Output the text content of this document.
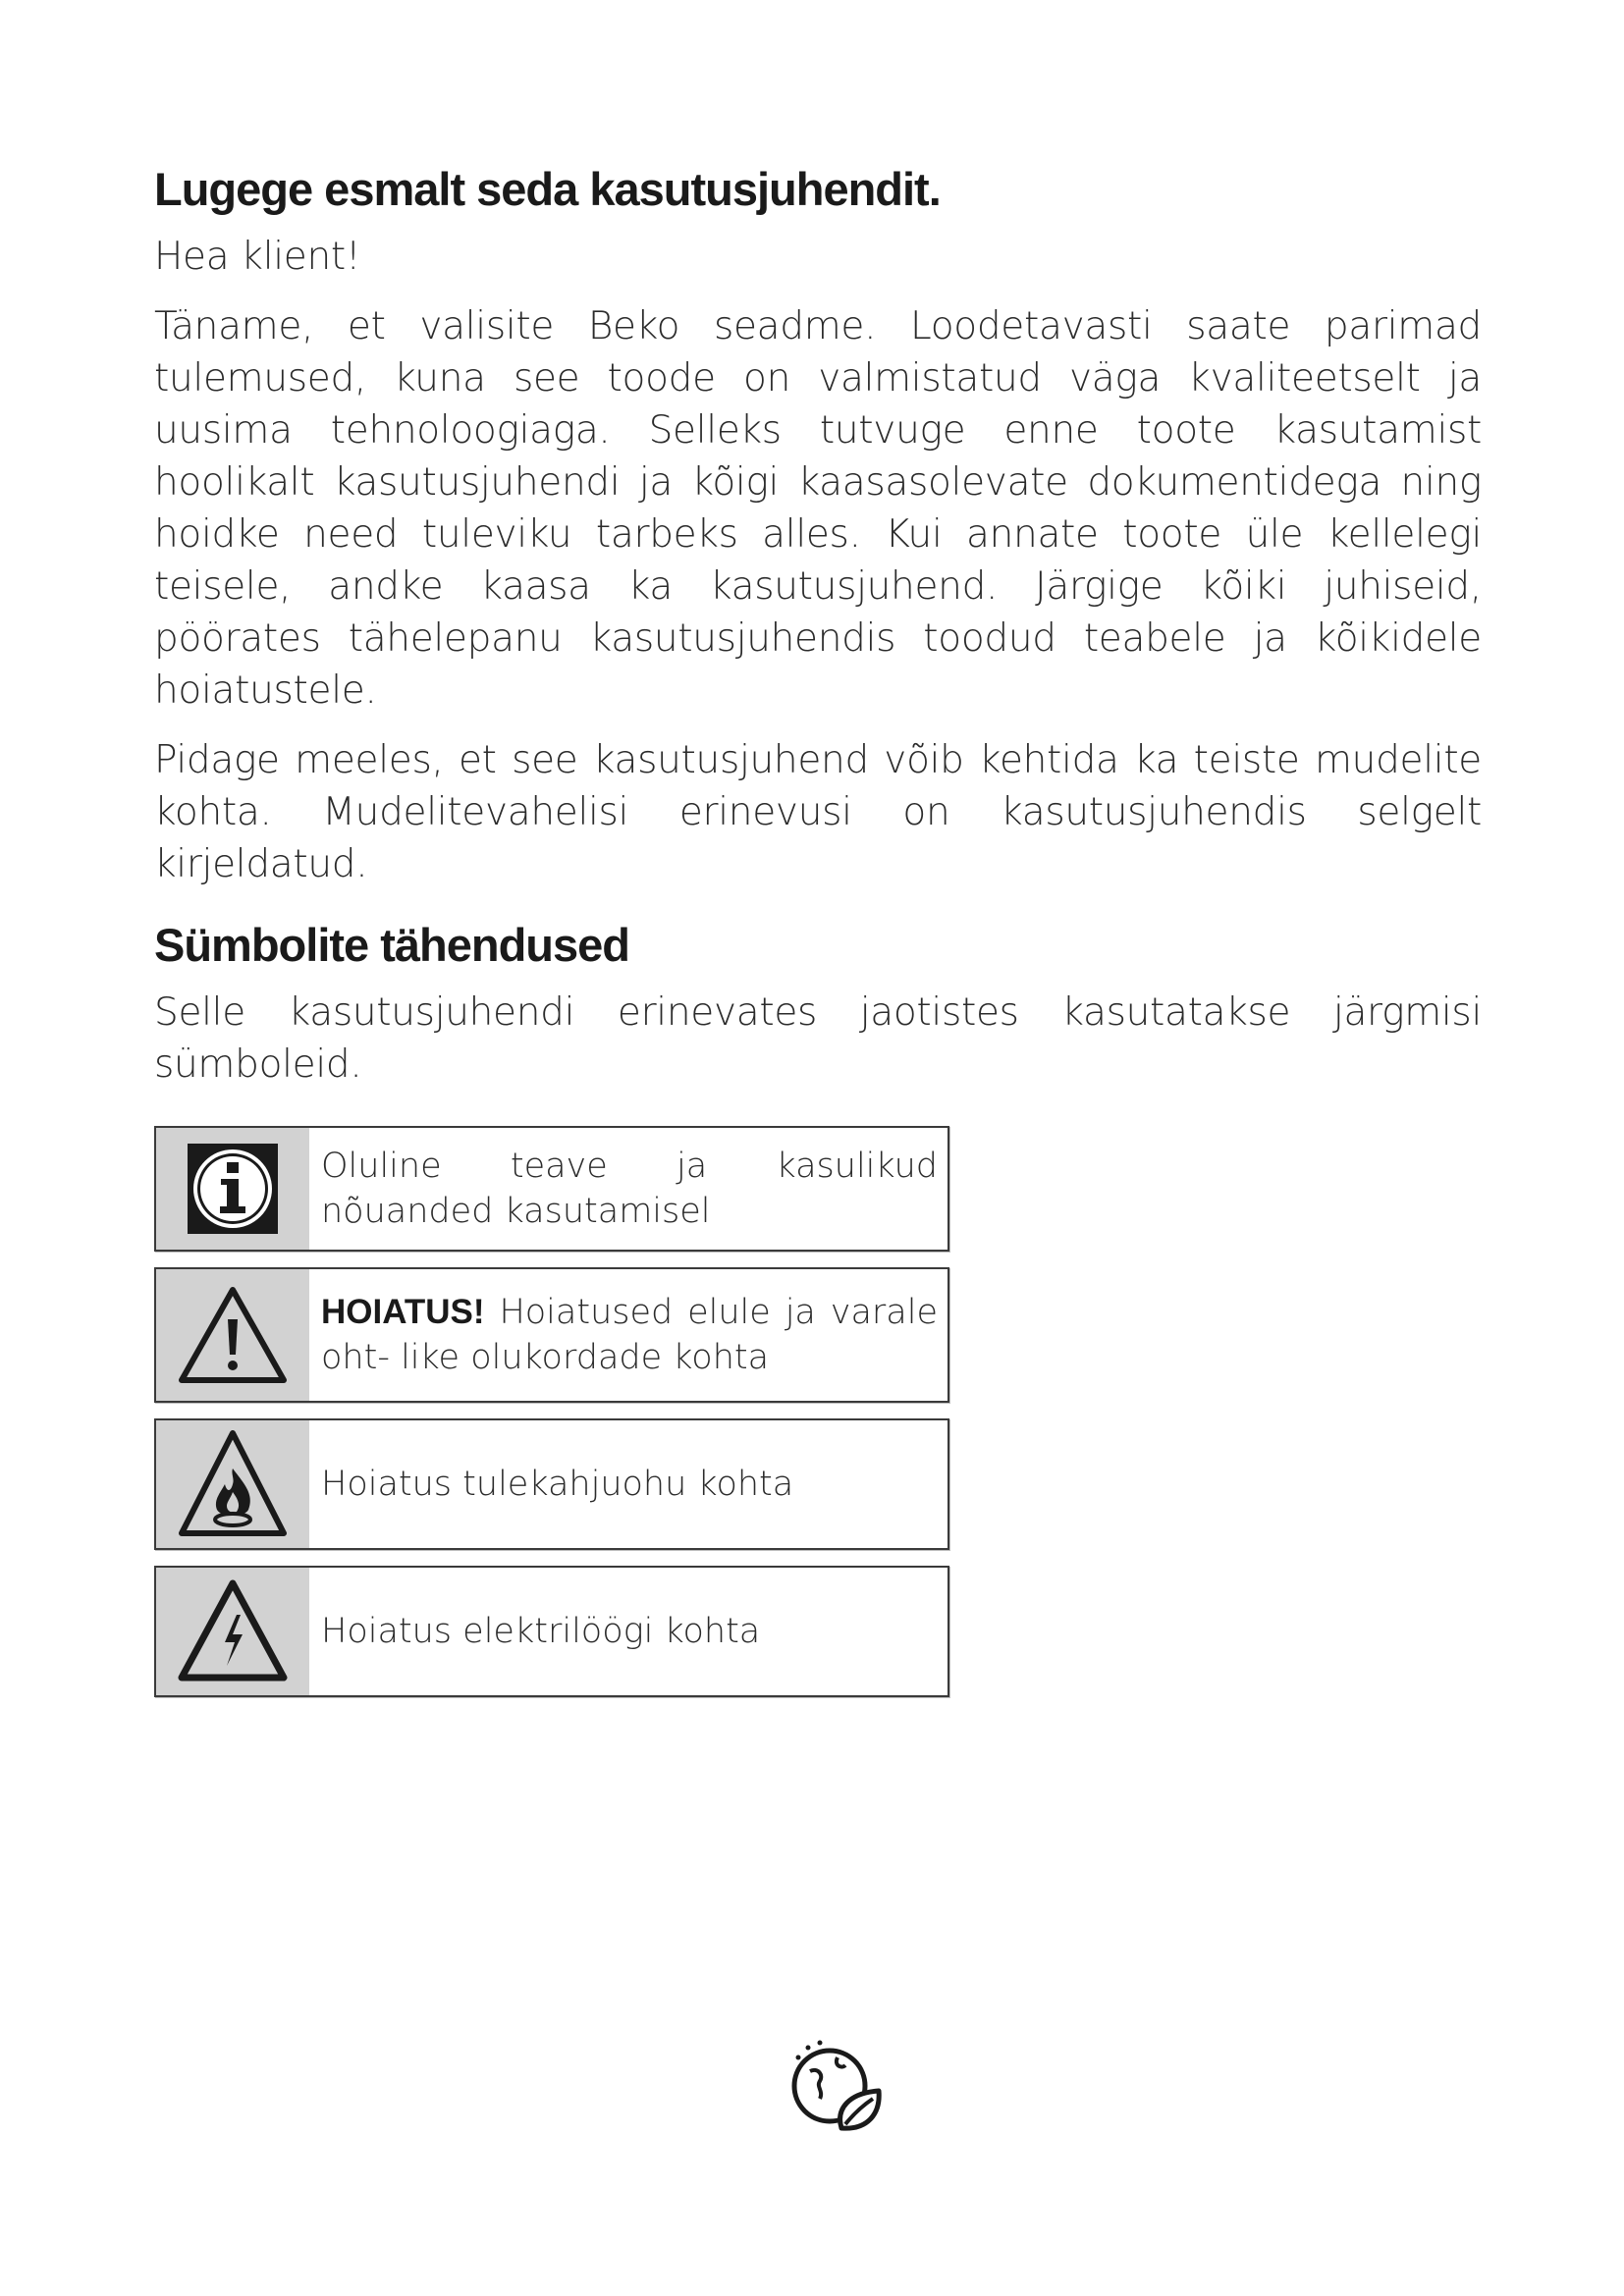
Lugege esmalt seda kasutusjuhendit.

Hea klient!

Täname, et valisite Beko seadme. Loodetavasti saate parimad tulemused, kuna see toode on valmistatud väga kvaliteetselt ja uusima tehnoloogiaga. Selleks tutvuge enne toote kasutamist hoolikalt kasutusjuhendi ja kõigi kaasasolevate dokumentidega ning hoidke need tuleviku tarbeks alles. Kui annate toote üle kellelegi teisele, andke kaasa ka kasutusjuhend. Järgige kõiki juhiseid, pöörates tähelepanu kasutusjuhendis toodud teabele ja kõikidele hoiatustele.

Pidage meeles, et see kasutusjuhend võib kehtida ka teiste mudelite kohta. Mudelitevahelisi erinevusi on kasutusjuhendis selgelt kirjeldatud.

Sümbolite tähendused

Selle kasutusjuhendi erinevates jaotistes kasutatakse järgmisi sümboleid.

Oluline teave ja kasulikud nõuanded kasutamisel
HOIATUS! Hoiatused elule ja varale oht- like olukordade kohta
Hoiatus tulekahjuohu kohta
Hoiatus elektrilöögi kohta
